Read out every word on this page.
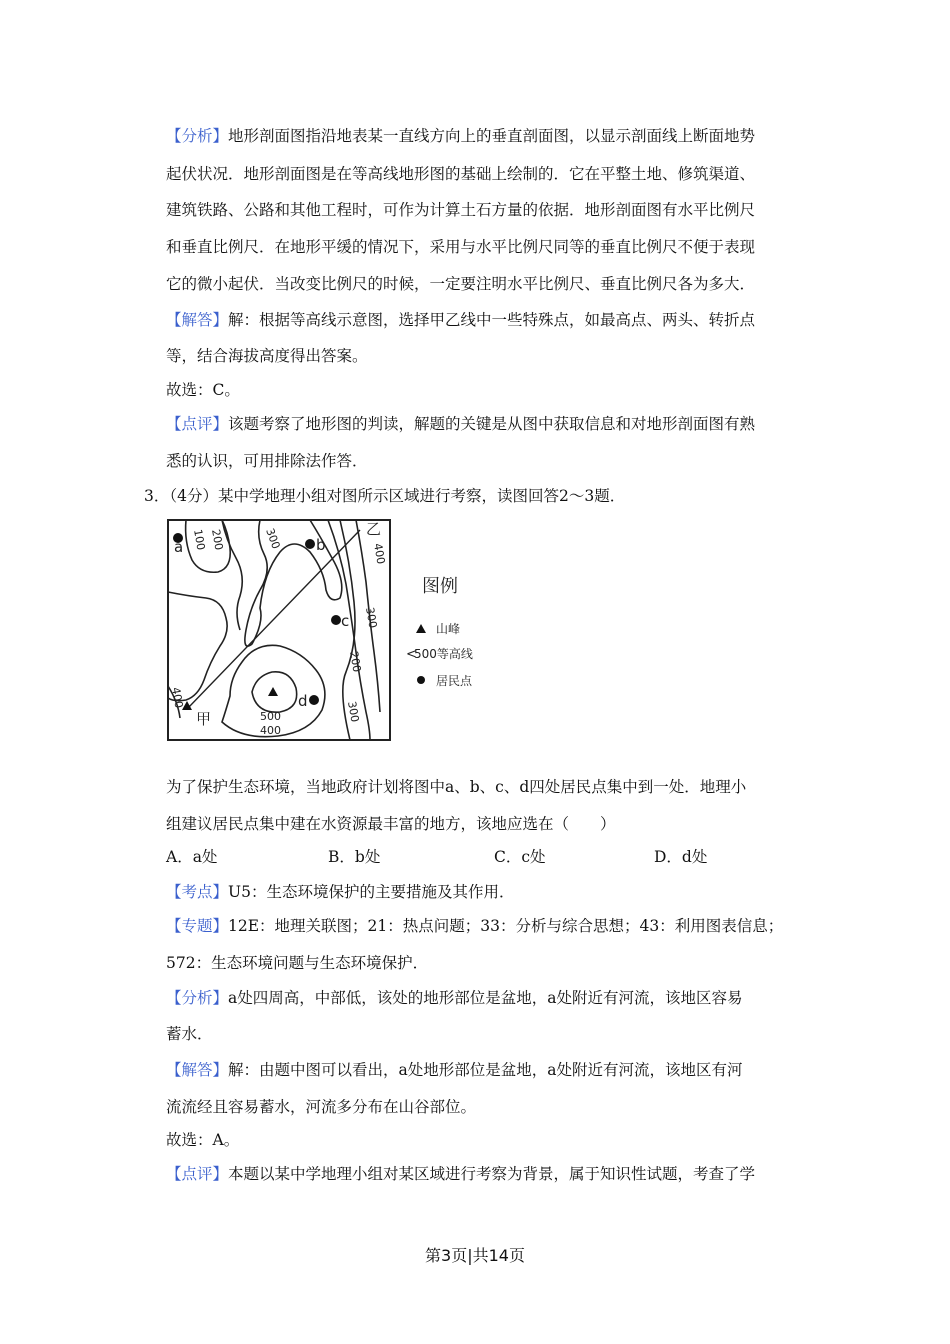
【分析】地形剖面图指沿地表某一直线方向上的垂直剖面图，以显示剖面线上断面地势
起伏状况．地形剖面图是在等高线地形图的基础上绘制的．它在平整土地、修筑渠道、
建筑铁路、公路和其他工程时，可作为计算土石方量的依据．地形剖面图有水平比例尺
和垂直比例尺．在地形平缓的情况下，采用与水平比例尺同等的垂直比例尺不便于表现
它的微小起伏．当改变比例尺的时候，一定要注明水平比例尺、垂直比例尺各为多大．
【解答】解：根据等高线示意图，选择甲乙线中一些特殊点，如最高点、两头、转折点
等，结合海拔高度得出答案。
故选：C。
【点评】该题考察了地形图的判读，解题的关键是从图中获取信息和对地形剖面图有熟
悉的认识，可用排除法作答．
3．（4分）某中学地理小组对图所示区域进行考察，读图回答2～3题．
a	b
c
d
甲
乙
100 200	300
400
300
200
300
400
500
400
图例
山峰
<
500等高线
居民点
为了保护生态环境，当地政府计划将图中a、b、c、d四处居民点集中到一处．地理小
组建议居民点集中建在水资源最丰富的地方，该地应选在（　　）
A．a处	B．b处	C．c处	D．d处
【考点】U5：生态环境保护的主要措施及其作用．
【专题】12E：地理关联图；21：热点问题；33：分析与综合思想；43：利用图表信息；
572：生态环境问题与生态环境保护．
【分析】a处四周高，中部低，该处的地形部位是盆地，a处附近有河流，该地区容易
蓄水．
【解答】解：由题中图可以看出，a处地形部位是盆地，a处附近有河流，该地区有河
流流经且容易蓄水，河流多分布在山谷部位。
故选：A。
【点评】本题以某中学地理小组对某区域进行考察为背景，属于知识性试题，考查了学
第3页|共14页
